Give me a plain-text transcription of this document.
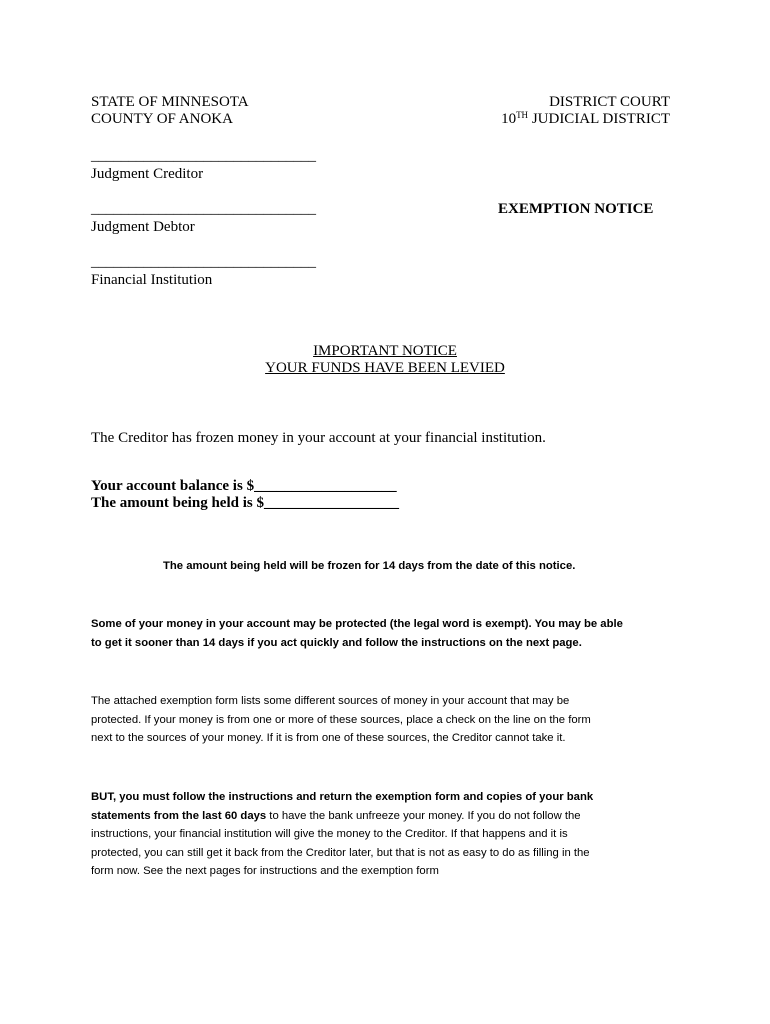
STATE OF MINNESOTA

COUNTY OF ANOKA

DISTRICT COURT

10TH JUDICIAL DISTRICT

______________________________

Judgment Creditor

______________________________

Judgment Debtor

______________________________

Financial Institution

EXEMPTION NOTICE

IMPORTANT NOTICE

YOUR FUNDS HAVE BEEN LEVIED

The Creditor has frozen money in your account at your financial institution.

Your account balance is $___________________

The amount being held is $__________________

The amount being held will be frozen for 14 days from the date of this notice.

Some of your money in your account may be protected (the legal word is exempt). You may be able

to get it sooner than 14 days if you act quickly and follow the instructions on the next page.

The attached exemption form lists some different sources of money in your account that may be

protected. If your money is from one or more of these sources, place a check on the line on the form

next to the sources of your money. If it is from one of these sources, the Creditor cannot take it.

BUT, you must follow the instructions and return the exemption form and copies of your bank

statements from the last 60 days to have the bank unfreeze your money. If you do not follow the

instructions, your financial institution will give the money to the Creditor. If that happens and it is

protected, you can still get it back from the Creditor later, but that is not as easy to do as filling in the

form now. See the next pages for instructions and the exemption form
